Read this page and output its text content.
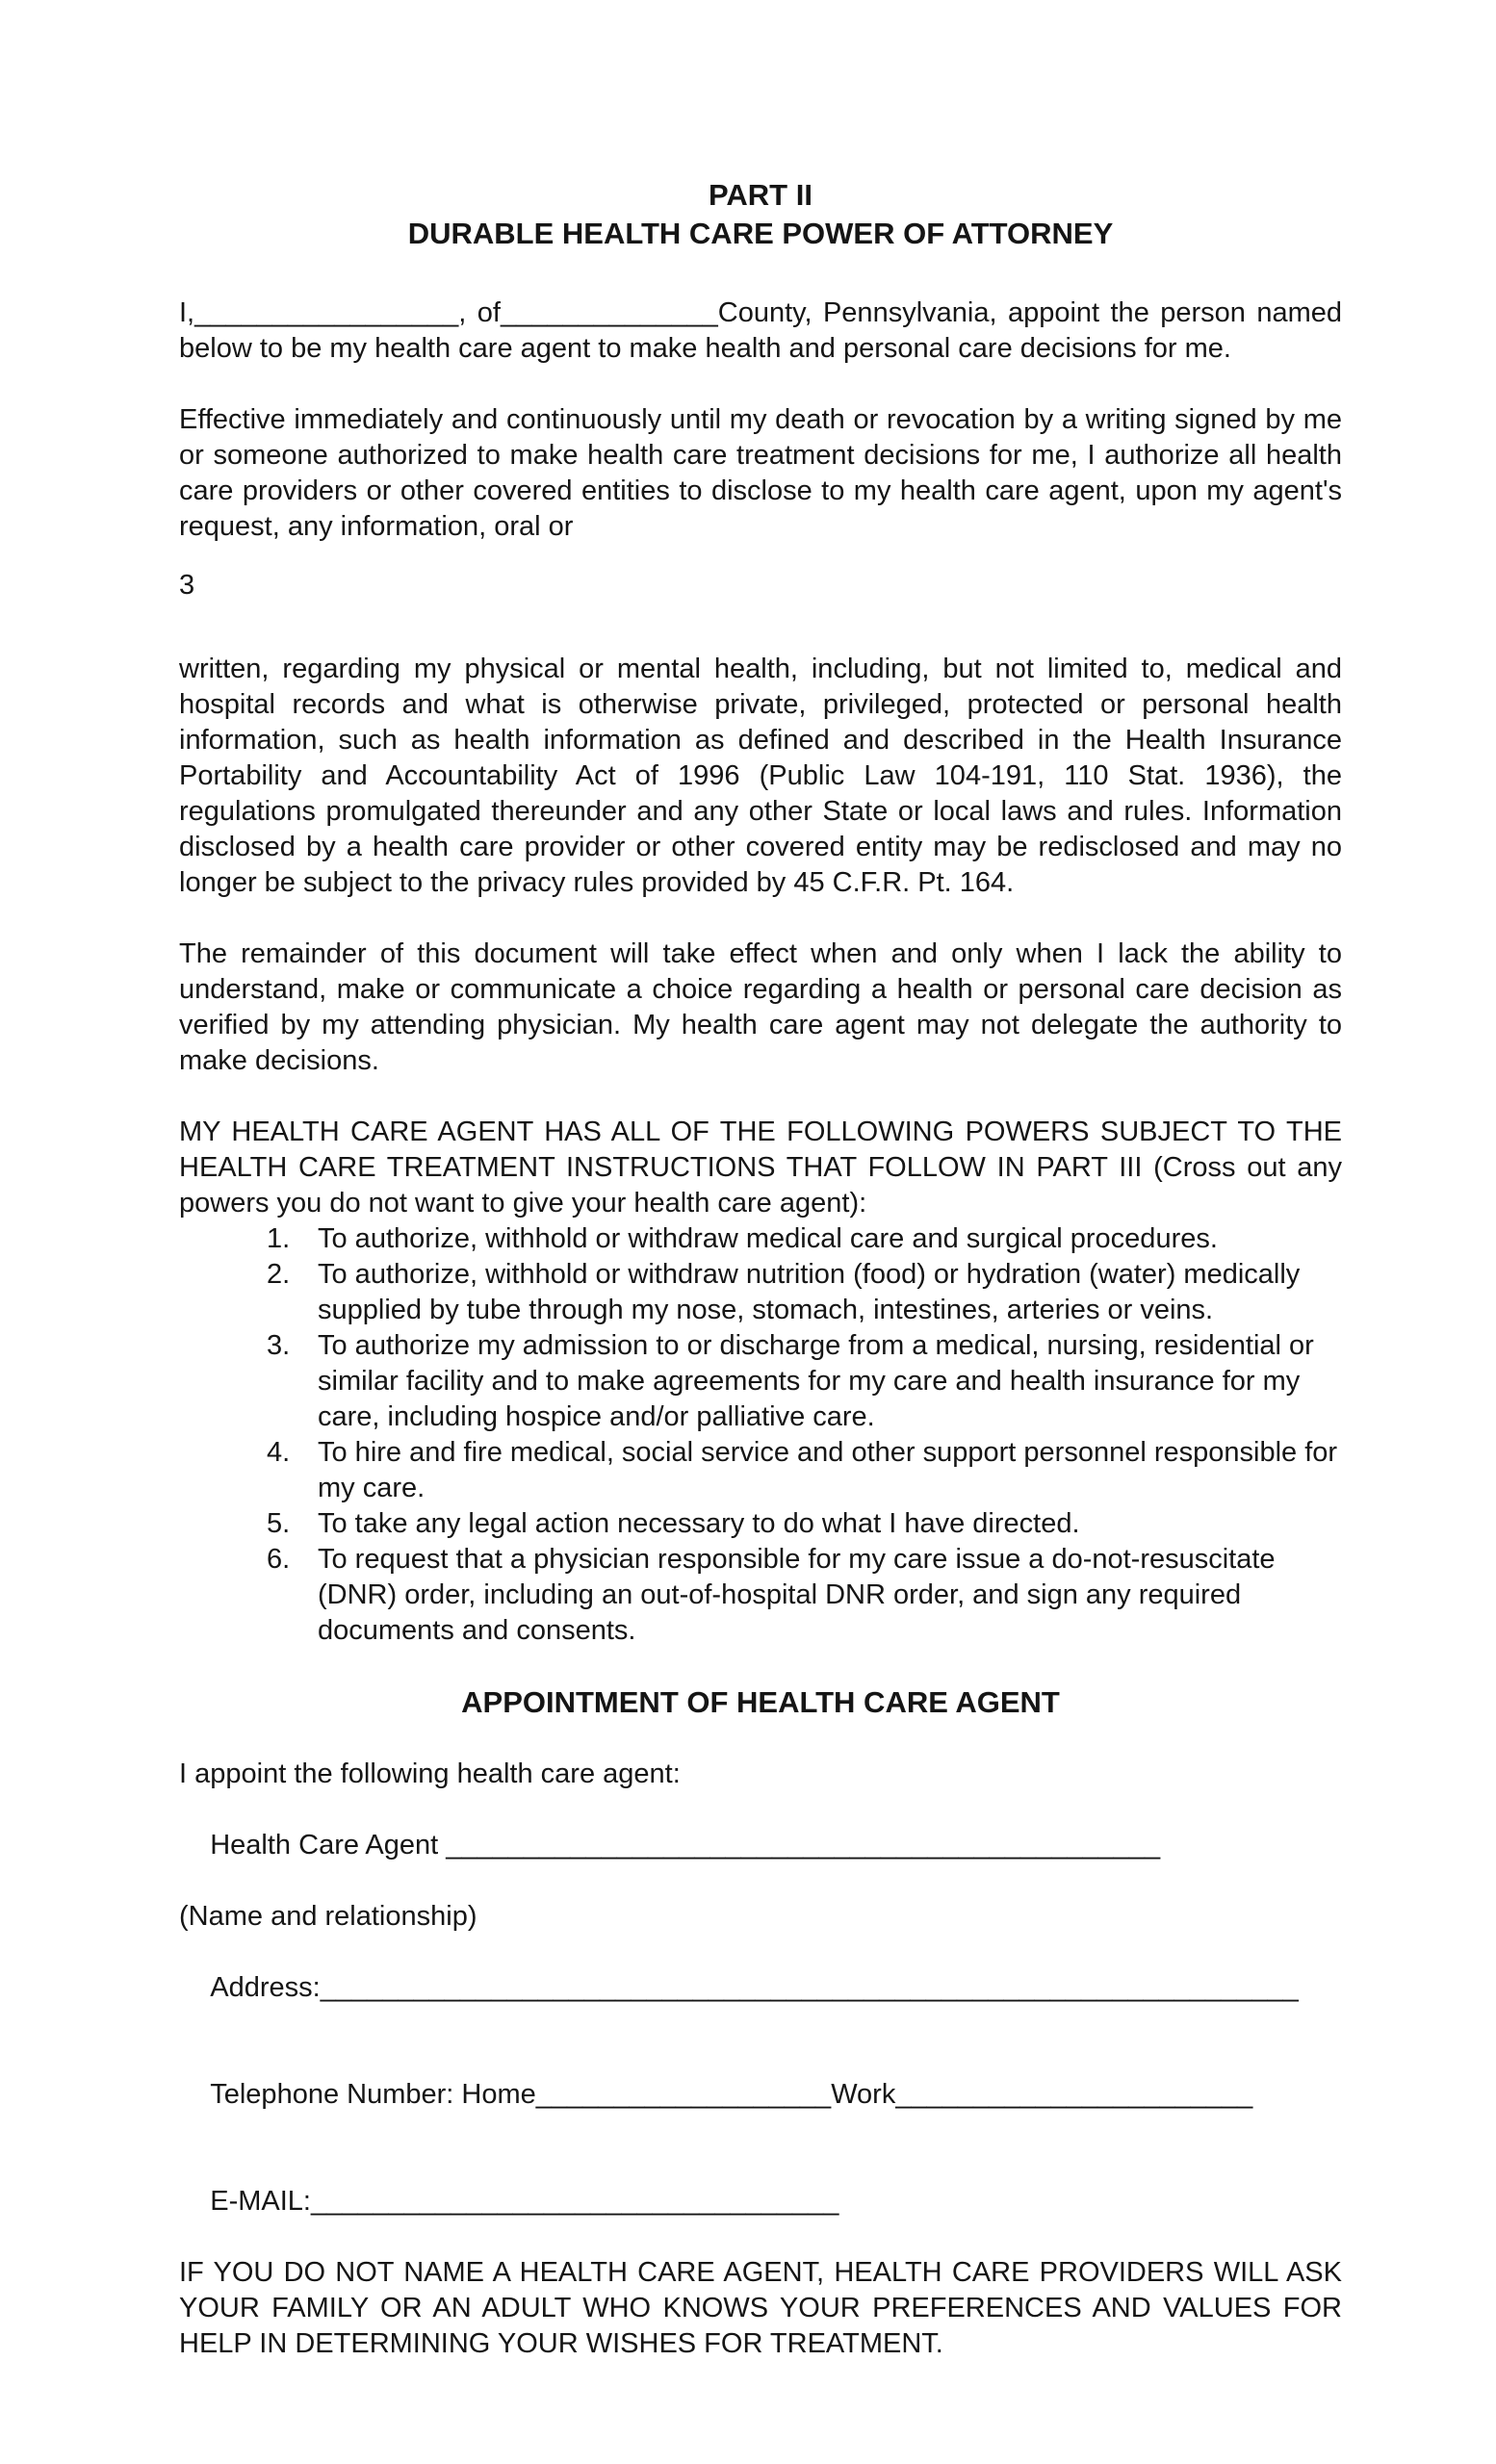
PART II
DURABLE HEALTH CARE POWER OF ATTORNEY

I,_________________, of______________County, Pennsylvania, appoint the person named below to be my health care agent to make health and personal care decisions for me.

Effective immediately and continuously until my death or revocation by a writing signed by me or someone authorized to make health care treatment decisions for me, I authorize all health care providers or other covered entities to disclose to my health care agent, upon my agent's request, any information, oral or

3

written, regarding my physical or mental health, including, but not limited to, medical and hospital records and what is otherwise private, privileged, protected or personal health information, such as health information as defined and described in the Health Insurance Portability and Accountability Act of 1996 (Public Law 104-191, 110 Stat. 1936), the regulations promulgated thereunder and any other State or local laws and rules. Information disclosed by a health care provider or other covered entity may be redisclosed and may no longer be subject to the privacy rules provided by 45 C.F.R. Pt. 164.

The remainder of this document will take effect when and only when I lack the ability to understand, make or communicate a choice regarding a health or personal care decision as verified by my attending physician. My health care agent may not delegate the authority to make decisions.

MY HEALTH CARE AGENT HAS ALL OF THE FOLLOWING POWERS SUBJECT TO THE HEALTH CARE TREATMENT INSTRUCTIONS THAT FOLLOW IN PART III (Cross out any powers you do not want to give your health care agent):

1. To authorize, withhold or withdraw medical care and surgical procedures.
2. To authorize, withhold or withdraw nutrition (food) or hydration (water) medically supplied by tube through my nose, stomach, intestines, arteries or veins.
3. To authorize my admission to or discharge from a medical, nursing, residential or similar facility and to make agreements for my care and health insurance for my care, including hospice and/or palliative care.
4. To hire and fire medical, social service and other support personnel responsible for my care.
5. To take any legal action necessary to do what I have directed.
6. To request that a physician responsible for my care issue a do-not-resuscitate (DNR) order, including an out-of-hospital DNR order, and sign any required documents and consents.
APPOINTMENT OF HEALTH CARE AGENT
I appoint the following health care agent:

Health Care Agent ______________________________________________

(Name and relationship)

Address:_______________________________________________________________

Telephone Number: Home___________________Work_______________________

E-MAIL:__________________________________

IF YOU DO NOT NAME A HEALTH CARE AGENT, HEALTH CARE PROVIDERS WILL ASK YOUR FAMILY OR AN ADULT WHO KNOWS YOUR PREFERENCES AND VALUES FOR HELP IN DETERMINING YOUR WISHES FOR TREATMENT.
